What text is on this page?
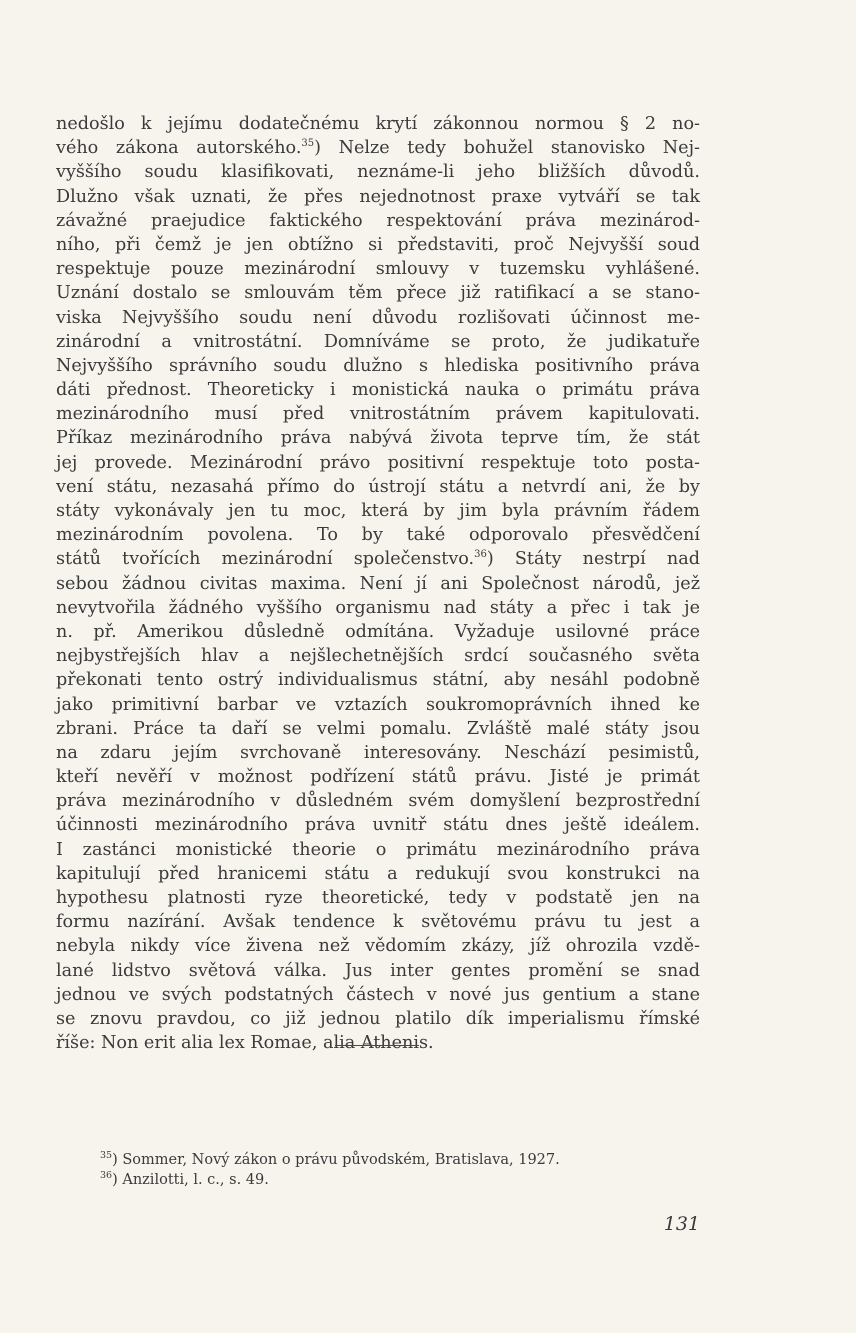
nedošlo k jejímu dodatečnému krytí zákonnou normou § 2 no-
vého zákona autorského.$^{35}$) Nelze tedy bohužel stanovisko Nej-
vyššího soudu klasifikovati, neznáme-li jeho bližších důvodů.
Dlužno však uznati, že přes nejednotnost praxe vytváří se tak
závažné praejudice faktického respektování práva mezinárod-
ního, při čemž je jen obtížno si představiti, proč Nejvyšší soud
respektuje pouze mezinárodní smlouvy v tuzemsku vyhlášené.
Uznání dostalo se smlouvám těm přece již ratifikací a se stano-
viska Nejvyššího soudu není důvodu rozlišovati účinnost me-
zinárodní a vnitrostátní. Domníváme se proto, že judikatuře
Nejvyššího správního soudu dlužno s hlediska positivního práva
dáti přednost. Theoreticky i monistická nauka o primátu práva
mezinárodního musí před vnitrostátním právem kapitulovati.
Příkaz mezinárodního práva nabývá života teprve tím, že stát
jej provede. Mezinárodní právo positivní respektuje toto posta-
vení státu, nezasahá přímo do ústrojí státu a netvrdí ani, že by
státy vykonávaly jen tu moc, která by jim byla právním řádem
mezinárodním povolena. To by také odporovalo přesvědčení
států tvořících mezinárodní společenstvo.$^{36}$) Státy nestrpí nad
sebou žádnou civitas maxima. Není jí ani Společnost národů, jež
nevytvořila žádného vyššího organismu nad státy a přec i tak je
n. př. Amerikou důsledně odmítána. Vyžaduje usilovné práce
nejbystřejších hlav a nejšlechetnějších srdcí současného světa
překonati tento ostrý individualismus státní, aby nesáhl podobně
jako primitivní barbar ve vztazích soukromoprávních ihned ke
zbrani. Práce ta daří se velmi pomalu. Zvláště malé státy jsou
na zdaru jejím svrchovaně interesovány. Neschází pesimistů,
kteří nevěří v možnost podřízení států právu. Jisté je primát
práva mezinárodního v důsledném svém domyšlení bezprostřední
účinnosti mezinárodního práva uvnitř státu dnes ještě ideálem.
I zastánci monistické theorie o primátu mezinárodního práva
kapitulují před hranicemi státu a redukují svou konstrukci na
hypothesu platnosti ryze theoretické, tedy v podstatě jen na
formu nazírání. Avšak tendence k světovému právu tu jest a
nebyla nikdy více živena než vědomím zkázy, jíž ohrozila vzdě-
lané lidstvo světová válka. Jus inter gentes promění se snad
jednou ve svých podstatných částech v nové jus gentium a stane
se znovu pravdou, co již jednou platilo dík imperialismu římské
říše: Non erit alia lex Romae, alia Athenis.
$^{35}$) Sommer, Nový zákon o právu původském, Bratislava, 1927.
$^{36}$) Anzilotti, l. c., s. 49.
131
